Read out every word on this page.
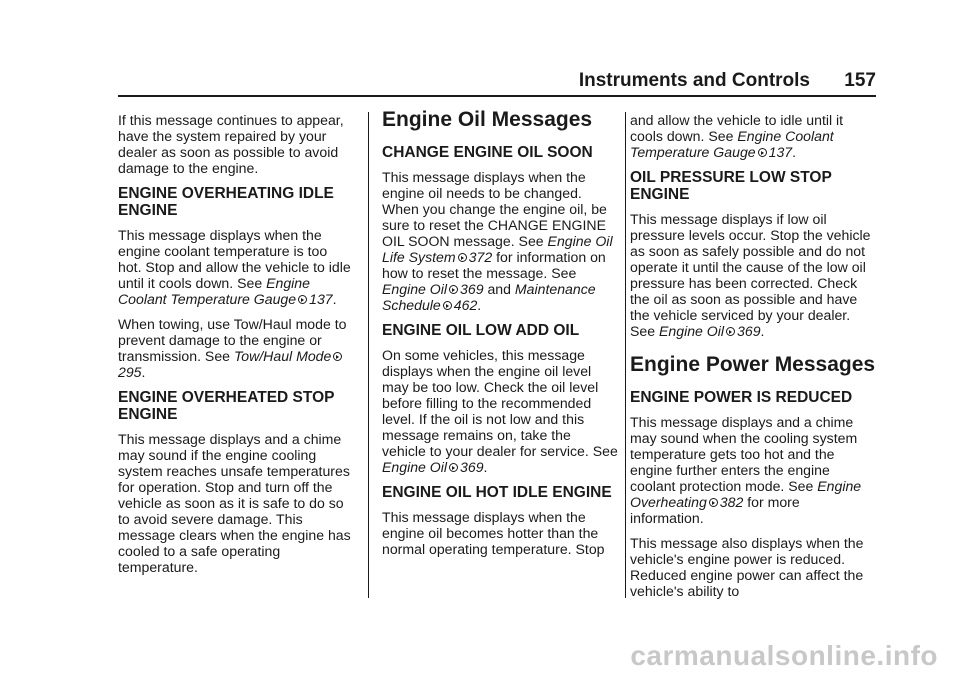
Instruments and Controls 157

If this message continues to appear, have the system repaired by your dealer as soon as possible to avoid damage to the engine.

ENGINE OVERHEATING IDLE ENGINE

This message displays when the engine coolant temperature is too hot. Stop and allow the vehicle to idle until it cools down. See Engine Coolant Temperature Gauge 137.

When towing, use Tow/Haul mode to prevent damage to the engine or transmission. See Tow/Haul Mode295.

ENGINE OVERHEATED STOP ENGINE

This message displays and a chime may sound if the engine cooling system reaches unsafe temperatures for operation. Stop and turn off the vehicle as soon as it is safe to do so to avoid severe damage. This message clears when the engine has cooled to a safe operating temperature.

Engine Oil Messages
CHANGE ENGINE OIL SOON

This message displays when the engine oil needs to be changed. When you change the engine oil, be sure to reset the CHANGE ENGINE OIL SOON message. See Engine Oil Life System 372 for information on how to reset the message. See Engine Oil 369 and Maintenance Schedule 462.

ENGINE OIL LOW ADD OIL

On some vehicles, this message displays when the engine oil level may be too low. Check the oil level before filling to the recommended level. If the oil is not low and this message remains on, take the vehicle to your dealer for service. See Engine Oil 369.

ENGINE OIL HOT IDLE ENGINE

This message displays when the engine oil becomes hotter than the normal operating temperature. Stop

and allow the vehicle to idle until it cools down. See Engine Coolant Temperature Gauge 137.

OIL PRESSURE LOW STOP ENGINE

This message displays if low oil pressure levels occur. Stop the vehicle as soon as safely possible and do not operate it until the cause of the low oil pressure has been corrected. Check the oil as soon as possible and have the vehicle serviced by your dealer. See Engine Oil 369.

Engine Power Messages
ENGINE POWER IS REDUCED

This message displays and a chime may sound when the cooling system temperature gets too hot and the engine further enters the engine coolant protection mode. See Engine Overheating 382 for more information.

This message also displays when the vehicle's engine power is reduced. Reduced engine power can affect the vehicle's ability to

carmanualsonline.info
